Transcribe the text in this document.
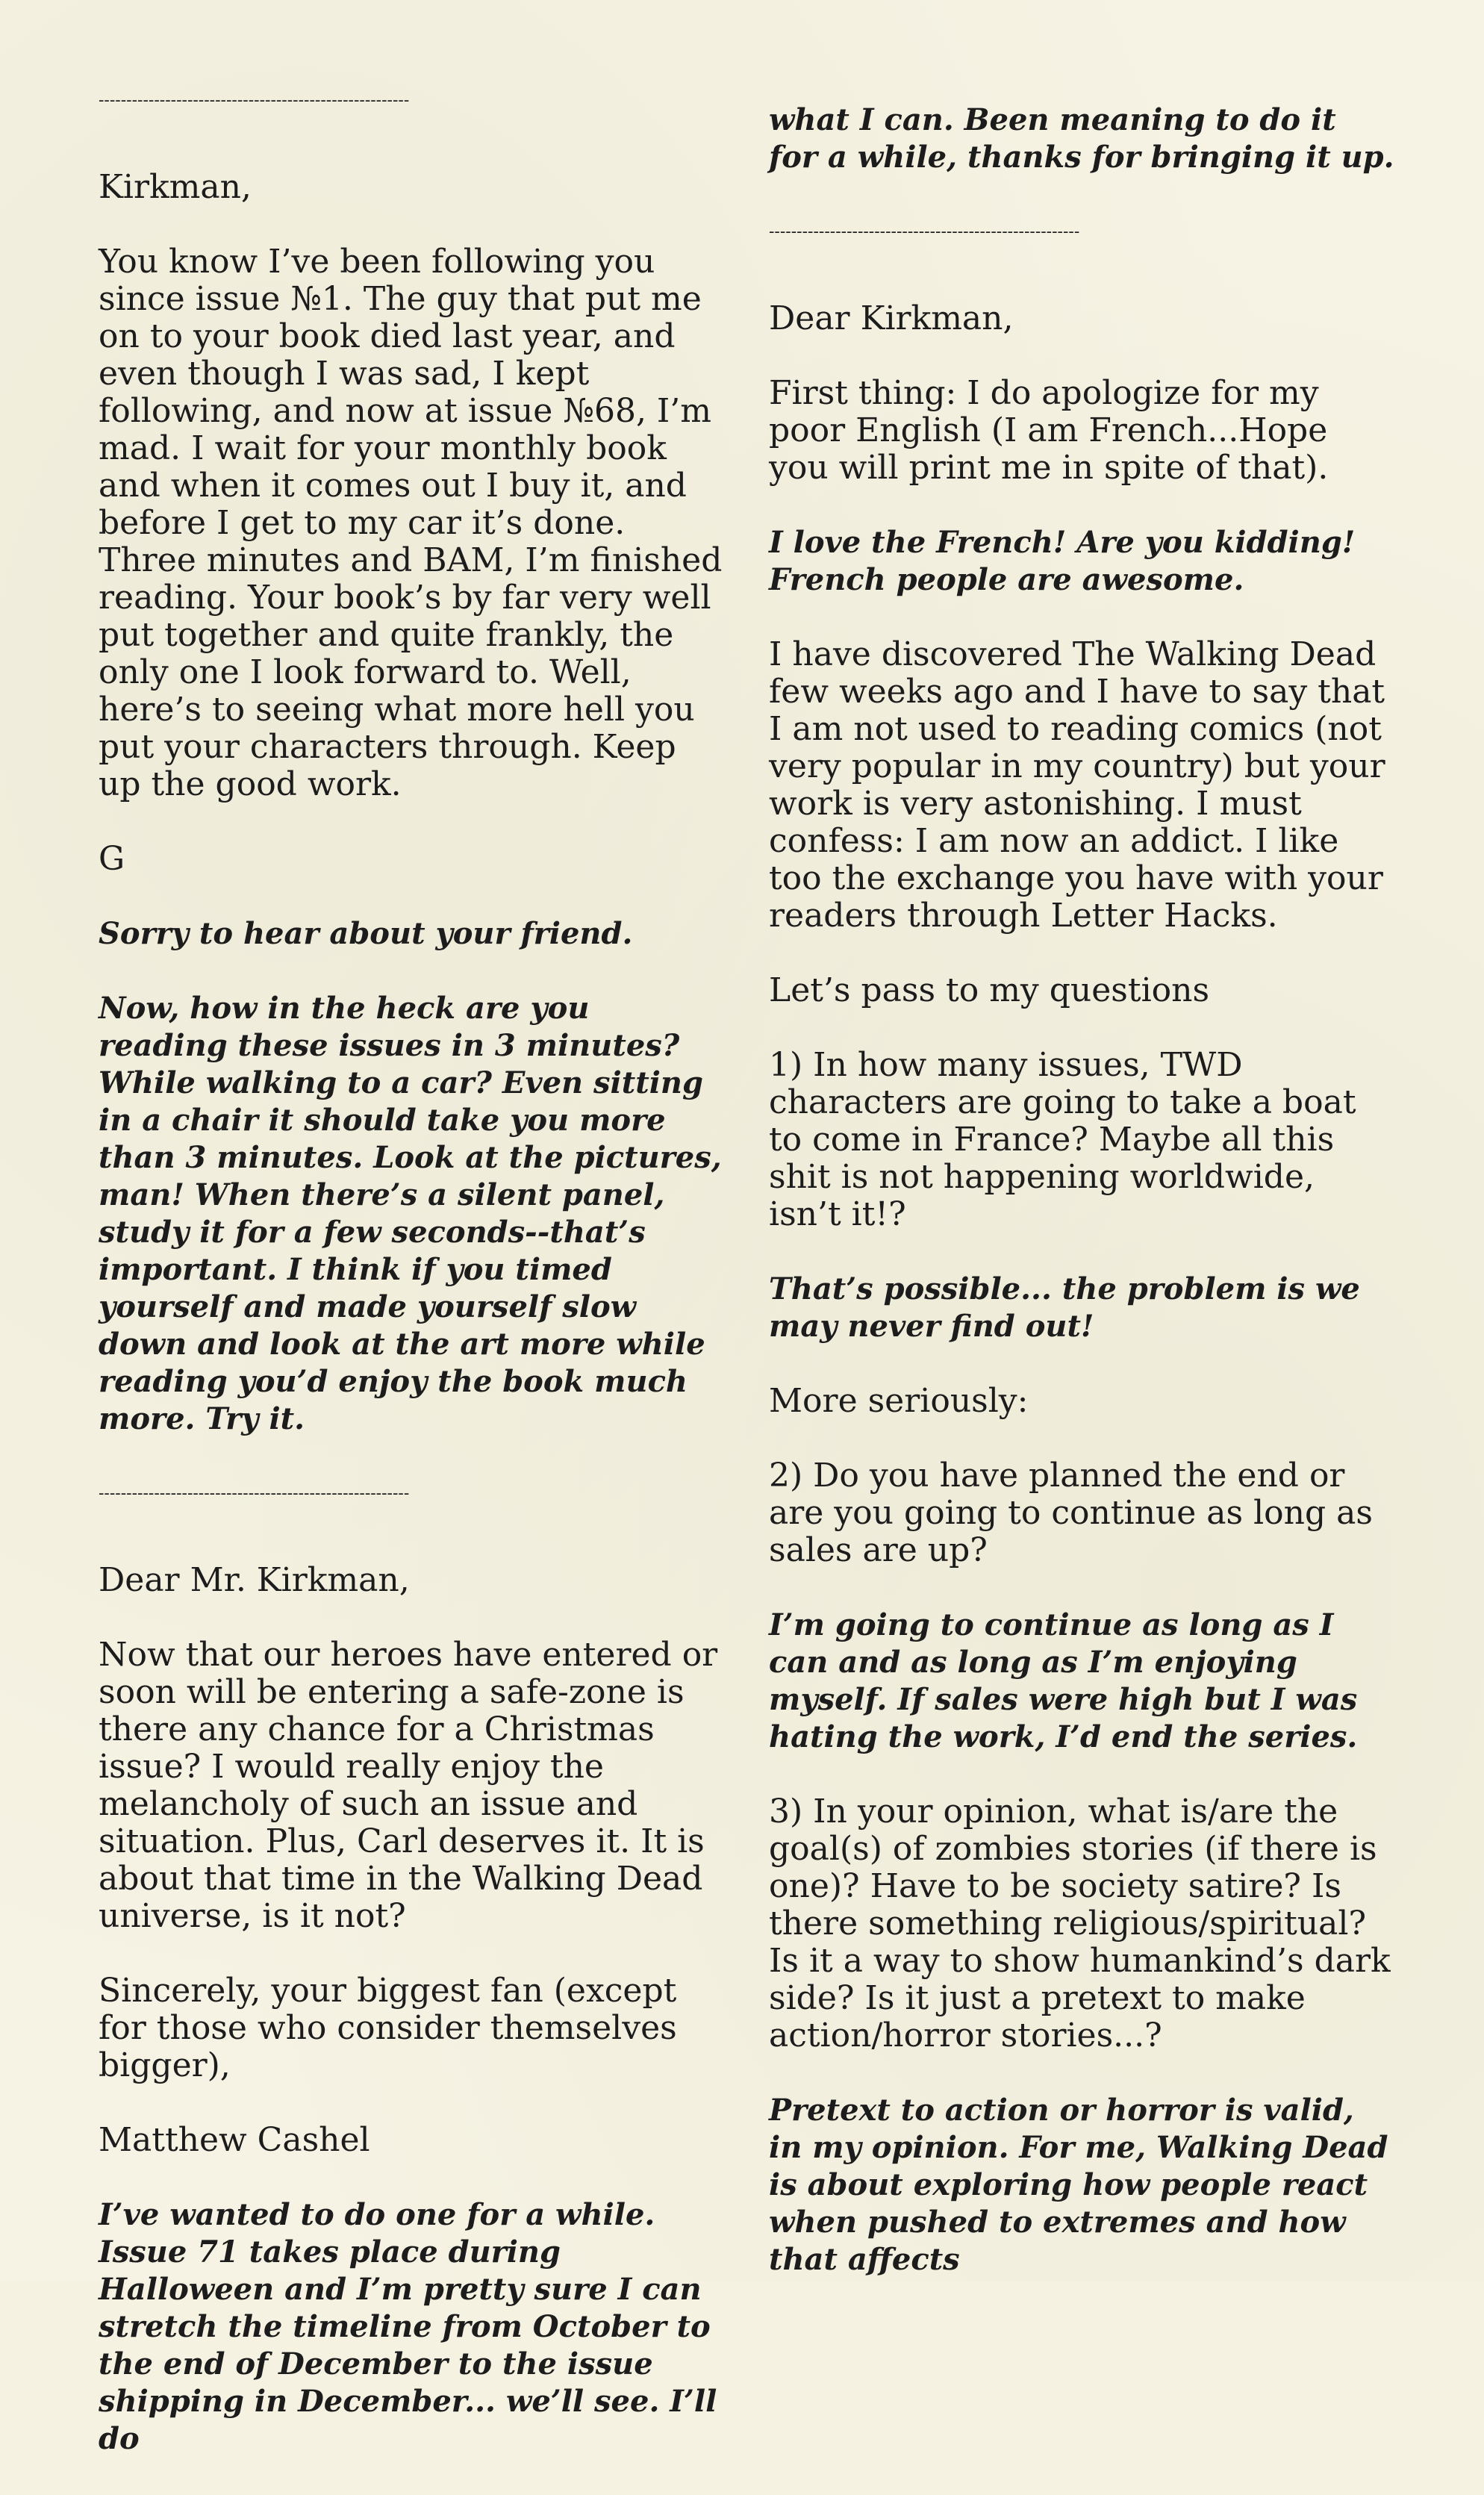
--------------------------------------------------------

Kirkman,

You know I’ve been following you since issue №1. The guy that put me on to your book died last year, and even though I was sad, I kept following, and now at issue №68, I’m mad. I wait for your monthly book and when it comes out I buy it, and before I get to my car it’s done. Three minutes and BAM, I’m finished reading. Your book’s by far very well put together and quite frankly, the only one I look forward to. Well, here’s to seeing what more hell you put your characters through. Keep up the good work.

G

Sorry to hear about your friend.

Now, how in the heck are you reading these issues in 3 minutes? While walking to a car? Even sitting in a chair it should take you more than 3 minutes. Look at the pictures, man! When there’s a silent panel, study it for a few seconds--that’s important. I think if you timed yourself and made yourself slow down and look at the art more while reading you’d enjoy the book much more. Try it.

--------------------------------------------------------

Dear Mr. Kirkman,

Now that our heroes have entered or soon will be entering a safe-zone is there any chance for a Christmas issue? I would really enjoy the melancholy of such an issue and situation. Plus, Carl deserves it. It is about that time in the Walking Dead universe, is it not?

Sincerely, your biggest fan (except for those who consider themselves bigger),

Matthew Cashel

I’ve wanted to do one for a while. Issue 71 takes place during Halloween and I’m pretty sure I can stretch the timeline from October to the end of December to the issue shipping in December... we’ll see. I’ll do

what I can. Been meaning to do it for a while, thanks for bringing it up.

--------------------------------------------------------

Dear Kirkman,

First thing: I do apologize for my poor English (I am French...Hope you will print me in spite of that).

I love the French! Are you kidding! French people are awesome.

I have discovered The Walking Dead few weeks ago and I have to say that I am not used to reading comics (not very popular in my country) but your work is very astonishing. I must confess: I am now an addict. I like too the exchange you have with your readers through Letter Hacks.

Let’s pass to my questions

1) In how many issues, TWD characters are going to take a boat to come in France? Maybe all this shit is not happening worldwide, isn’t it!?

That’s possible... the problem is we may never find out!

More seriously:

2) Do you have planned the end or are you going to continue as long as sales are up?

I’m going to continue as long as I can and as long as I’m enjoying myself. If sales were high but I was hating the work, I’d end the series.

3) In your opinion, what is/are the goal(s) of zombies stories (if there is one)? Have to be society satire? Is there something religious/spiritual? Is it a way to show humankind’s dark side? Is it just a pretext to make action/horror stories...?

Pretext to action or horror is valid, in my opinion. For me, Walking Dead is about exploring how people react when pushed to extremes and how that affects
